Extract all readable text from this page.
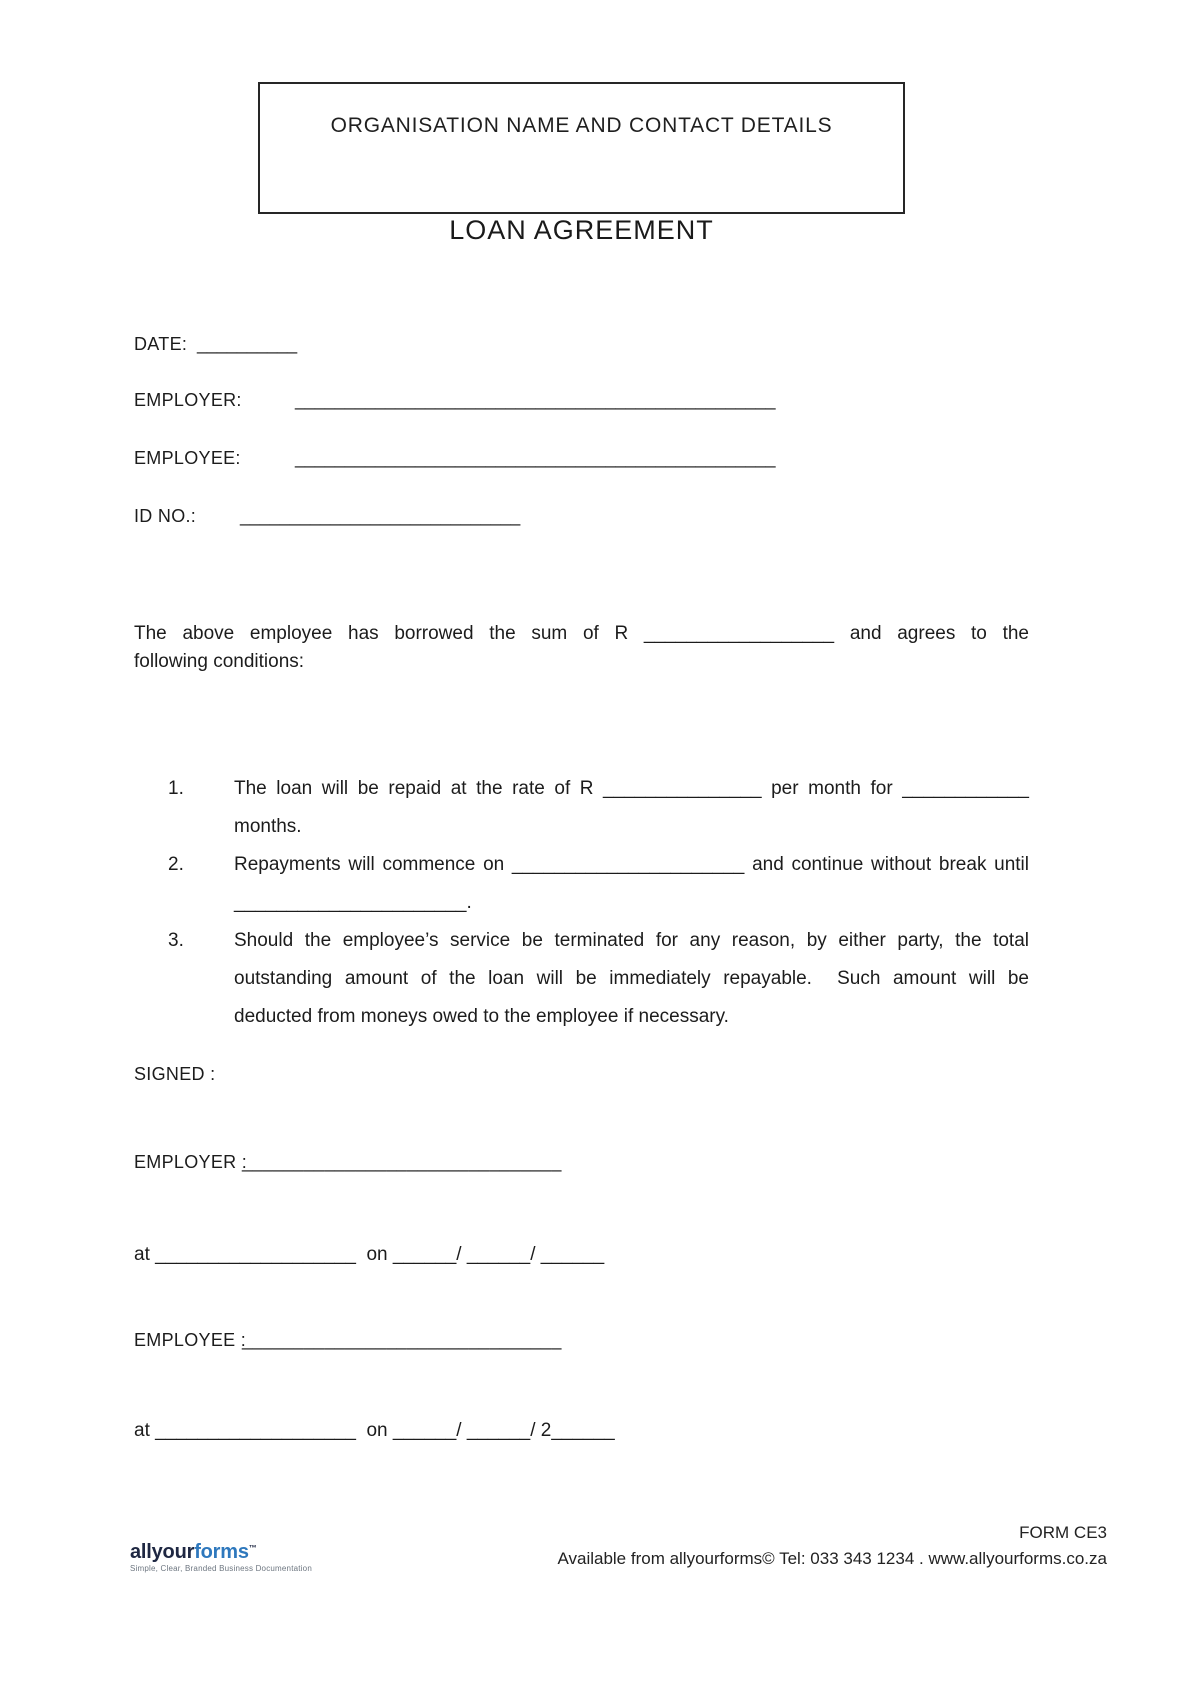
ORGANISATION NAME AND CONTACT DETAILS
LOAN AGREEMENT
DATE: __________
EMPLOYER:	________________________________________________
EMPLOYEE:	________________________________________________
ID NO.: ____________________________
The above employee has borrowed the sum of R __________________ and agrees to the
following conditions:
1.	The loan will be repaid at the rate of R _______________ per month for ____________
months.
2.	Repayments will commence on ______________________ and continue without break until
______________________.
3.	Should the employee’s service be terminated for any reason, by either party, the total
outstanding amount of the loan will be immediately repayable.  Such amount will be
deducted from moneys owed to the employee if necessary.
SIGNED :
EMPLOYER :_______________________________
at ___________________  on ______/ ______/ ______
EMPLOYEE :_______________________________
at ___________________  on ______/ ______/ 2______
allyourforms™
Simple, Clear, Branded Business Documentation
FORM CE3
Available from allyourforms© Tel: 033 343 1234 . www.allyourforms.co.za
